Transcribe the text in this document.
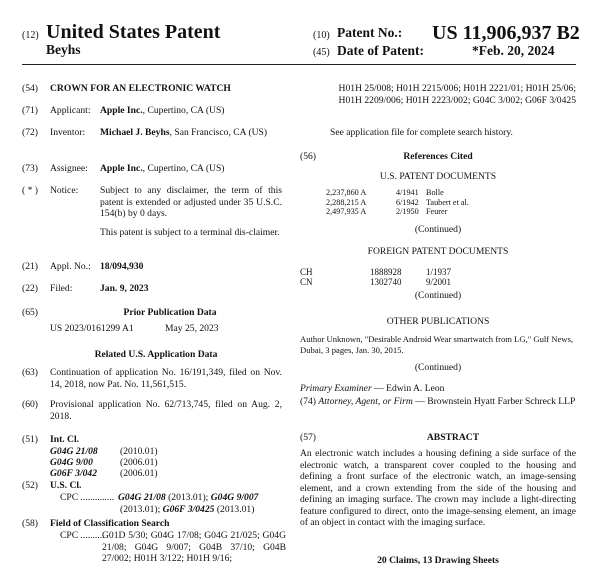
(12) United States Patent
Beyhs
(10) Patent No.: US 11,906,937 B2
(45) Date of Patent:	*Feb. 20, 2024
(54) CROWN FOR AN ELECTRONIC WATCH
(71) Applicant: Apple Inc., Cupertino, CA (US)
(72) Inventor: Michael J. Beyhs, San Francisco, CA (US)
(73) Assignee: Apple Inc., Cupertino, CA (US)
( * ) Notice: Subject to any disclaimer, the term of this patent is extended or adjusted under 35 U.S.C. 154(b) by 0 days.
This patent is subject to a terminal dis-claimer.
(21) Appl. No.: 18/094,930
(22) Filed:	Jan. 9, 2023
(65)	Prior Publication Data
US 2023/0161299 A1	May 25, 2023
Related U.S. Application Data
(63) Continuation of application No. 16/191,349, filed on Nov. 14, 2018, now Pat. No. 11,561,515.
(60) Provisional application No. 62/713,745, filed on Aug. 2, 2018.
(51) Int. Cl.
G04G 21/08 (2010.01)
G04G 9/00	(2006.01)
G06F 3/042 (2006.01)
(52) U.S. Cl.
CPC .............. G04G 21/08 (2013.01); G04G 9/007
(2013.01); G06F 3/0425 (2013.01)
(58) Field of Classification Search
CPC ..........
G01D 5/30; G04G 17/08; G04G 21/025; G04G 21/08; G04G 9/007; G04B 37/10; G04B 27/002; H01H 3/122; H01H 9/16;
H01H 25/008; H01H 2215/006; H01H 2221/01; H01H 25/06; H01H 2209/006; H01H 2223/002; G04C 3/002; G06F 3/0425
See application file for complete search history.
(56)	References Cited
U.S. PATENT DOCUMENTS
2,237,860 A	4/1941	Bolle
2,288,215 A	6/1942	Taubert et al.
2,497,935 A	2/1950	Feurer
(Continued)
FOREIGN PATENT DOCUMENTS
CH	1888928	1/1937
CN	1302740	9/2001
(Continued)
OTHER PUBLICATIONS
Author Unknown, "Desirable Android Wear smartwatch from LG," Gulf News, Dubai, 3 pages, Jan. 30, 2015.
(Continued)
Primary Examiner — Edwin A. Leon
(74) Attorney, Agent, or Firm — Brownstein Hyatt Farber Schreck LLP
(57)	ABSTRACT
An electronic watch includes a housing defining a side surface of the electronic watch, a transparent cover coupled to the housing and defining a front surface of the electronic watch, an image-sensing element, and a crown extending from the side of the housing and defining an imaging surface. The crown may include a light-directing feature configured to direct, onto the image-sensing element, an image of an object in contact with the imaging surface.
20 Claims, 13 Drawing Sheets
